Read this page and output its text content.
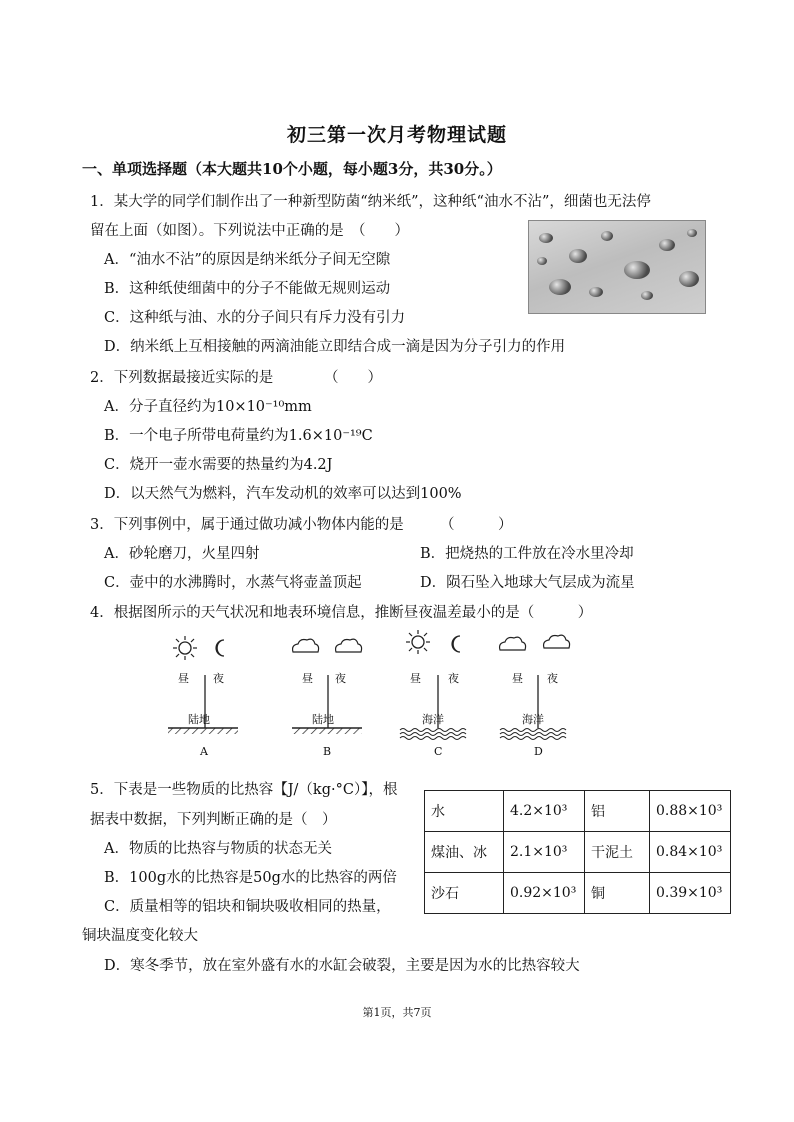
初三第一次月考物理试题
一、单项选择题（本大题共10个小题，每小题3分，共30分。）
1．某大学的同学们制作出了一种新型防菌“纳米纸”，这种纸“油水不沾”，细菌也无法停
留在上面（如图）。下列说法中正确的是　（　　）
A．“油水不沾”的原因是纳米纸分子间无空隙
B．这种纸使细菌中的分子不能做无规则运动
C．这种纸与油、水的分子间只有斥力没有引力
D．纳米纸上互相接触的两滴油能立即结合成一滴是因为分子引力的作用
2．下列数据最接近实际的是　　　　（　　）
A．分子直径约为10×10⁻¹⁰mm
B．一个电子所带电荷量约为1.6×10⁻¹⁹C
C．烧开一壶水需要的热量约为4.2J
D．以天然气为燃料，汽车发动机的效率可以达到100%
3．下列事例中，属于通过做功减小物体内能的是　　　（　　　）
A．砂轮磨刀，火星四射	B．把烧热的工件放在冷水里冷却
C．壶中的水沸腾时，水蒸气将壶盖顶起	D．陨石坠入地球大气层成为流星
4．根据图所示的天气状况和地表环境信息，推断昼夜温差最小的是（　　　）
昼 夜	昼 夜	昼 夜	昼 夜
陆地	陆地	海洋	海洋
A	B	C	D
5．下表是一些物质的比热容【J/（kg·°C）】，根
据表中数据，下列判断正确的是（　）	水	4.2×10³	铝	0.88×10³
煤油、冰	2.1×10³	干泥土	0.84×10³
沙石	0.92×10³	铜	0.39×10³
A．物质的比热容与物质的状态无关
B．100g水的比热容是50g水的比热容的两倍
C．质量相等的铝块和铜块吸收相同的热量，
铜块温度变化较大
D．寒冬季节，放在室外盛有水的水缸会破裂，主要是因为水的比热容较大
第1页，共7页
